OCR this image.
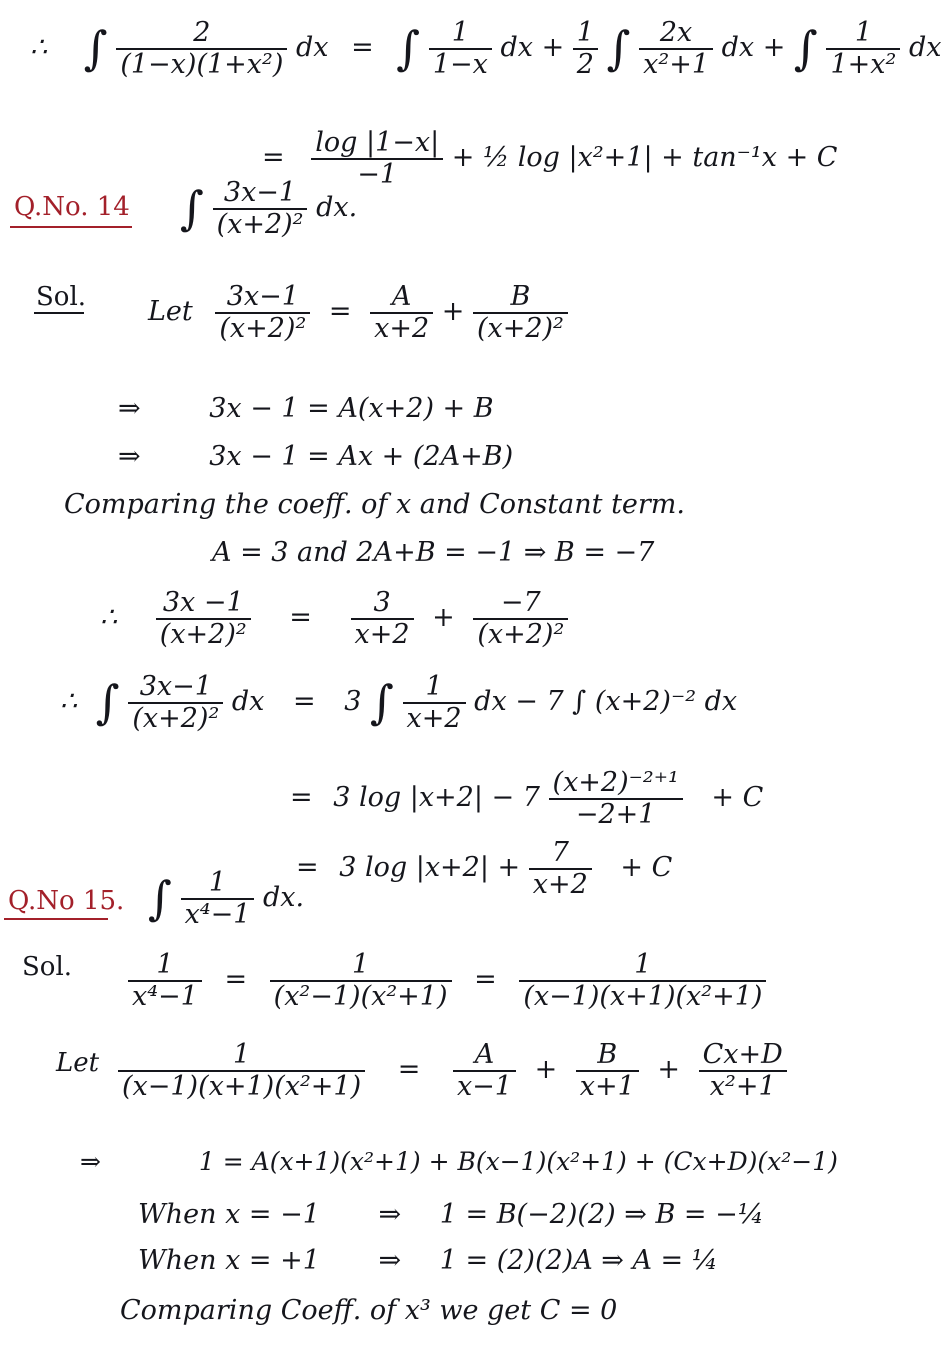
∴ ∫ $\frac{2}{\text{(1−x)(1+x²)}}$ dx = ∫ $\frac{1}{1-x}$ dx + $\frac{1}{2}$ ∫ $\frac{2x}{\text{x²+1}}$ dx + ∫ $\frac{1}{\text{1+x²}}$ dx
= $\frac{\log |1-x|}{-1}$ + ½ log |x²+1| + tan⁻¹x + C
Q.No. 14 ∫ $\frac{3x-1}{\text{(x+2)²}}$ dx.
Sol. Let $\frac{3x-1}{\text{(x+2)²}} = \frac{A}{x+2} + \frac{B}{\text{(x+2)²}}$
⇒	3x − 1 = A(x+2) + B
⇒	3x − 1 = Ax + (2A+B)
Comparing the coeff. of x and Constant term.
A = 3 and 2A+B = −1 ⇒ B = −7
∴ $\frac{3x -1}{\text{(x+2)²}} = \frac{3}{x+2} + \frac{-7}{\text{(x+2)²}}$
∴ ∫ $\frac{3x-1}{\text{(x+2)²}}$ dx = 3 ∫ $\frac{1}{x+2}$ dx − 7 ∫ (x+2)⁻² dx
= 3 $\log |x+2| - 7 \frac{\text{(x+2)⁻²⁺¹}}{-2+1} + C$
= 3 $\log |x+2| + \frac{7}{x+2} + C$
Q.No 15. ∫ $\frac{1}{\text{x⁴−1}}$ dx.
Sol. $\frac{1}{\text{x⁴−1}} = \frac{1}{\text{(x²−1)(x²+1)}} = \frac{1}{\text{(x−1)(x+1)(x²+1)}}$
Let $\frac{1}{\text{(x−1)(x+1)(x²+1)}} = \frac{A}{x-1} + \frac{B}{x+1} + \frac{Cx+D}{\text{x²+1}}$
⇒	1 = A(x+1)(x²+1) + B(x−1)(x²+1) + (Cx+D)(x²−1)
When x = −1 ⇒ 1 = B(−2)(2) ⇒ B = −¼
When x = +1 ⇒ 1 = (2)(2)A ⇒ A = ¼
Comparing Coeff. of x³ we get C = 0
